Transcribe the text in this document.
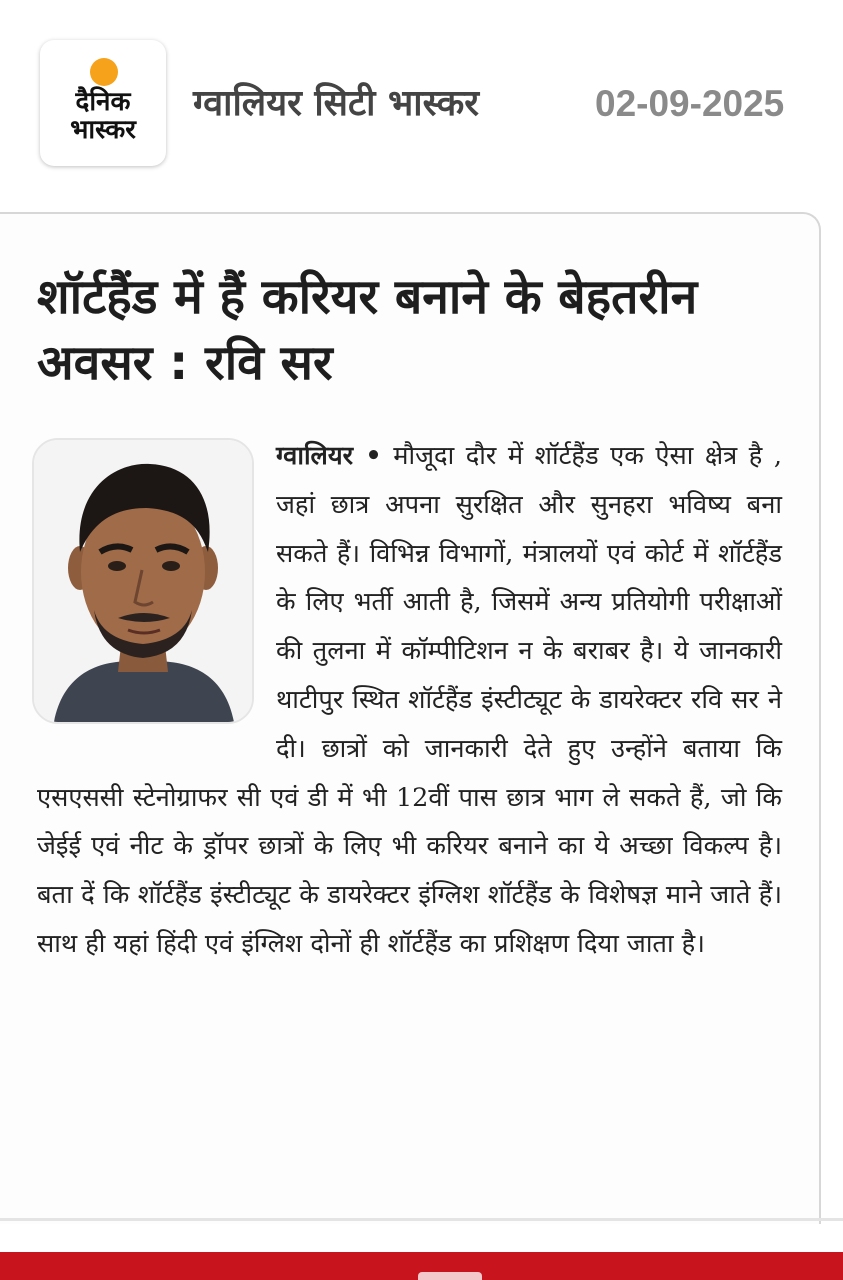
दैनिक भास्कर
ग्वालियर सिटी भास्कर	02-09-2025
शॉर्टहैंड में हैं करियर बनाने के बेहतरीन अवसर : रवि सर
ग्वालियर • मौजूदा दौर में शॉर्टहैंड एक ऐसा क्षेत्र है , जहां छात्र अपना सुरक्षित और सुनहरा भविष्य बना सकते हैं। विभिन्न विभागों, मंत्रालयों एवं कोर्ट में शॉर्टहैंड के लिए भर्ती आती है, जिसमें अन्य प्रतियोगी परीक्षाओं की तुलना में कॉम्पीटिशन न के बराबर है। ये जानकारी थाटीपुर स्थित शॉर्टहैंड इंस्टीट्यूट के डायरेक्टर रवि सर ने दी। छात्रों को जानकारी देते हुए उन्होंने बताया कि एसएससी स्टेनोग्राफर सी एवं डी में भी 12वीं पास छात्र भाग ले सकते हैं, जो कि जेईई एवं नीट के ड्रॉपर छात्रों के लिए भी करियर बनाने का ये अच्छा विकल्प है। बता दें कि शॉर्टहैंड इंस्टीट्यूट के डायरेक्टर इंग्लिश शॉर्टहैंड के विशेषज्ञ माने जाते हैं। साथ ही यहां हिंदी एवं इंग्लिश दोनों ही शॉर्टहैंड का प्रशिक्षण दिया जाता है।
